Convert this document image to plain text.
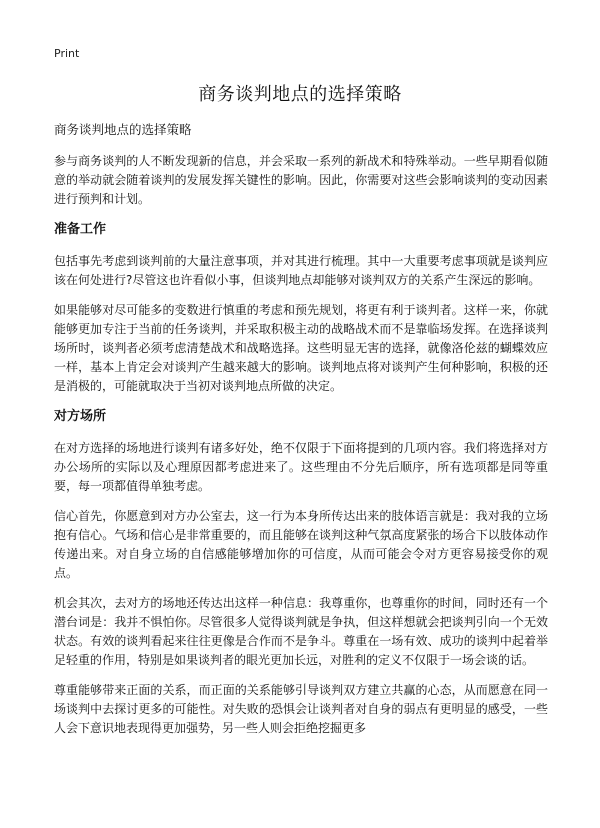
Print
商务谈判地点的选择策略
商务谈判地点的选择策略

参与商务谈判的人不断发现新的信息，并会采取一系列的新战术和特殊举动。一些早期看似随意的举动就会随着谈判的发展发挥关键性的影响。因此，你需要对这些会影响谈判的变动因素进行预判和计划。

准备工作

包括事先考虑到谈判前的大量注意事项，并对其进行梳理。其中一大重要考虑事项就是谈判应该在何处进行?尽管这也许看似小事，但谈判地点却能够对谈判双方的关系产生深远的影响。

如果能够对尽可能多的变数进行慎重的考虑和预先规划，将更有利于谈判者。这样一来，你就能够更加专注于当前的任务谈判，并采取积极主动的战略战术而不是靠临场发挥。在选择谈判场所时，谈判者必须考虑清楚战术和战略选择。这些明显无害的选择，就像洛伦兹的蝴蝶效应一样，基本上肯定会对谈判产生越来越大的影响。谈判地点将对谈判产生何种影响，积极的还是消极的，可能就取决于当初对谈判地点所做的决定。

对方场所

在对方选择的场地进行谈判有诸多好处，绝不仅限于下面将提到的几项内容。我们将选择对方办公场所的实际以及心理原因都考虑进来了。这些理由不分先后顺序，所有选项都是同等重要，每一项都值得单独考虑。

信心首先，你愿意到对方办公室去，这一行为本身所传达出来的肢体语言就是：我对我的立场抱有信心。气场和信心是非常重要的，而且能够在谈判这种气氛高度紧张的场合下以肢体动作传递出来。对自身立场的自信感能够增加你的可信度，从而可能会令对方更容易接受你的观点。

机会其次，去对方的场地还传达出这样一种信息：我尊重你，也尊重你的时间，同时还有一个潜台词是：我并不惧怕你。尽管很多人觉得谈判就是争执，但这样想就会把谈判引向一个无效状态。有效的谈判看起来往往更像是合作而不是争斗。尊重在一场有效、成功的谈判中起着举足轻重的作用，特别是如果谈判者的眼光更加长远，对胜利的定义不仅限于一场会谈的话。

尊重能够带来正面的关系，而正面的关系能够引导谈判双方建立共赢的心态，从而愿意在同一场谈判中去探讨更多的可能性。对失败的恐惧会让谈判者对自身的弱点有更明显的感受，一些人会下意识地表现得更加强势，另一些人则会拒绝挖掘更多
